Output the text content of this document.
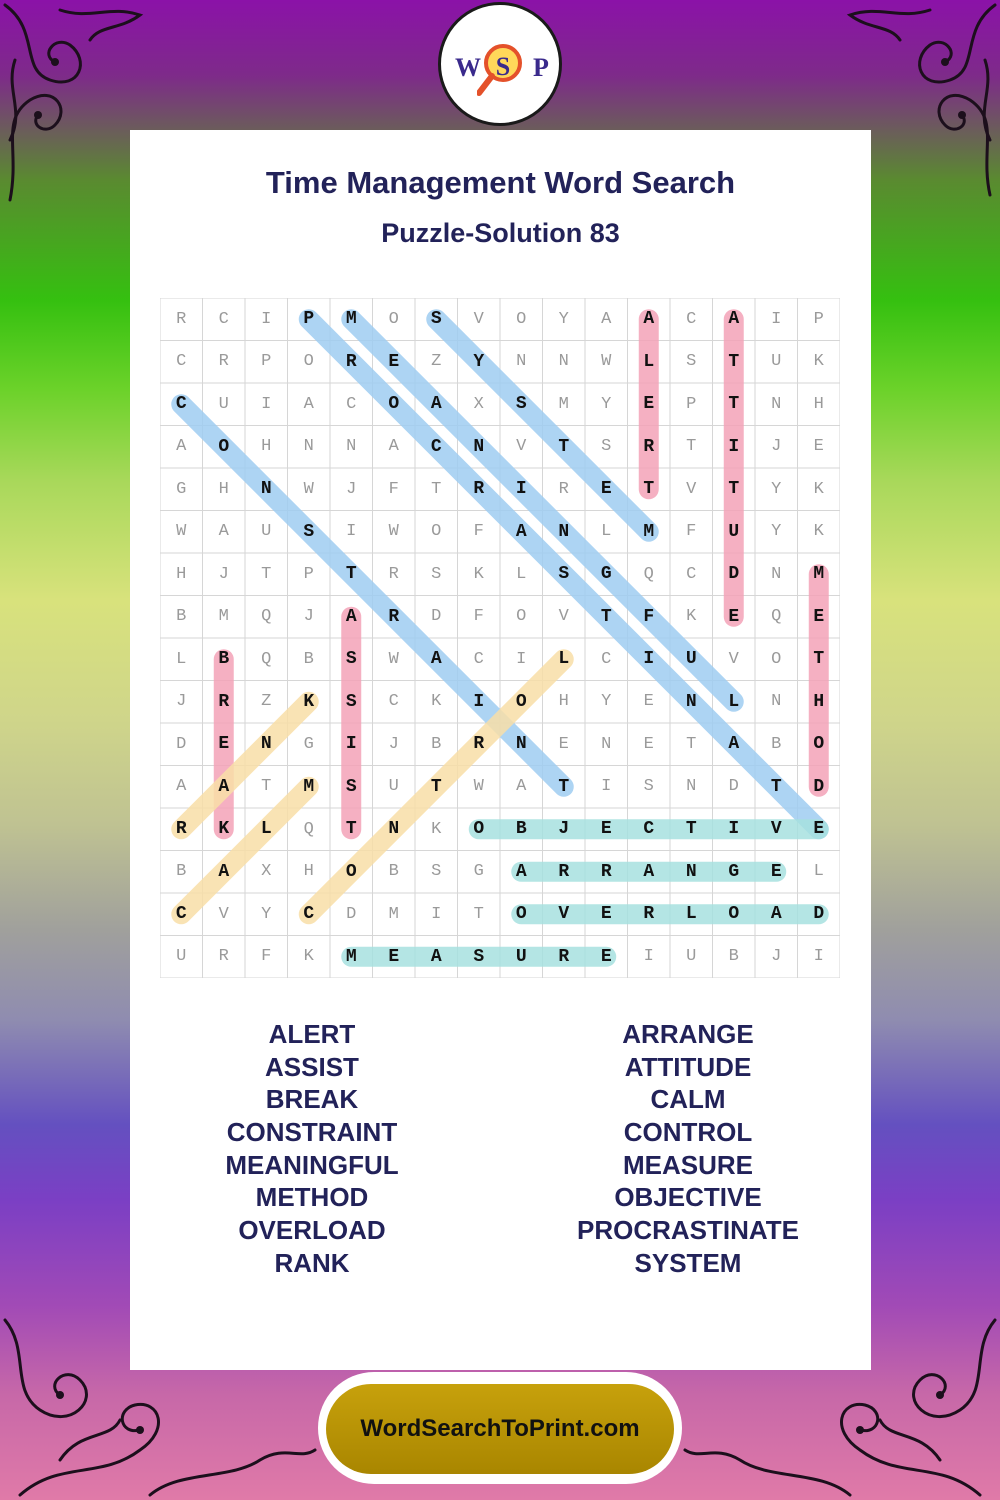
W S P
Time Management Word Search
Puzzle-Solution 83
R	C	I	P	M	O	S	V	O	Y	A	A	C	A	I	P
C	R	P	O	R	E	Z	Y	N	N	W	L	S	T	U	K
C	U	I	A	C	O	A	X	S	M	Y	E	P	T	N	H
A	O	H	N	N	A	C	N	V	T	S	R	T	I	J	E
G	H	N	W	J	F	T	R	I	R	E	T	V	T	Y	K
W	A	U	S	I	W	O	F	A	N	L	M	F	U	Y	K
H	J	T	P	T	R	S	K	L	S	G	Q	C	D	N	M
B	M	Q	J	A	R	D	F	O	V	T	F	K	E	Q	E
L	B	Q	B	S	W	A	C	I	L	C	I	U	V	O	T
J	R	Z	K	S	C	K	I	O	H	Y	E	N	L	N	H
D	E	N	G	I	J	B	R	N	E	N	E	T	A	B	O
A	A	T	M	S	U	T	W	A	T	I	S	N	D	T	D
R	K	L	Q	T	N	K	O	B	J	E	C	T	I	V	E
B	A	X	H	O	B	S	G	A	R	R	A	N	G	E	L
C	V	Y	C	D	M	I	T	O	V	E	R	L	O	A	D
U	R	F	K	M	E	A	S	U	R	E	I	U	B	J	I
ALERT
ASSIST
BREAK
CONSTRAINT
MEANINGFUL
METHOD
OVERLOAD
RANK
ARRANGE
ATTITUDE
CALM
CONTROL
MEASURE
OBJECTIVE
PROCRASTINATE
SYSTEM
WordSearchToPrint.com
